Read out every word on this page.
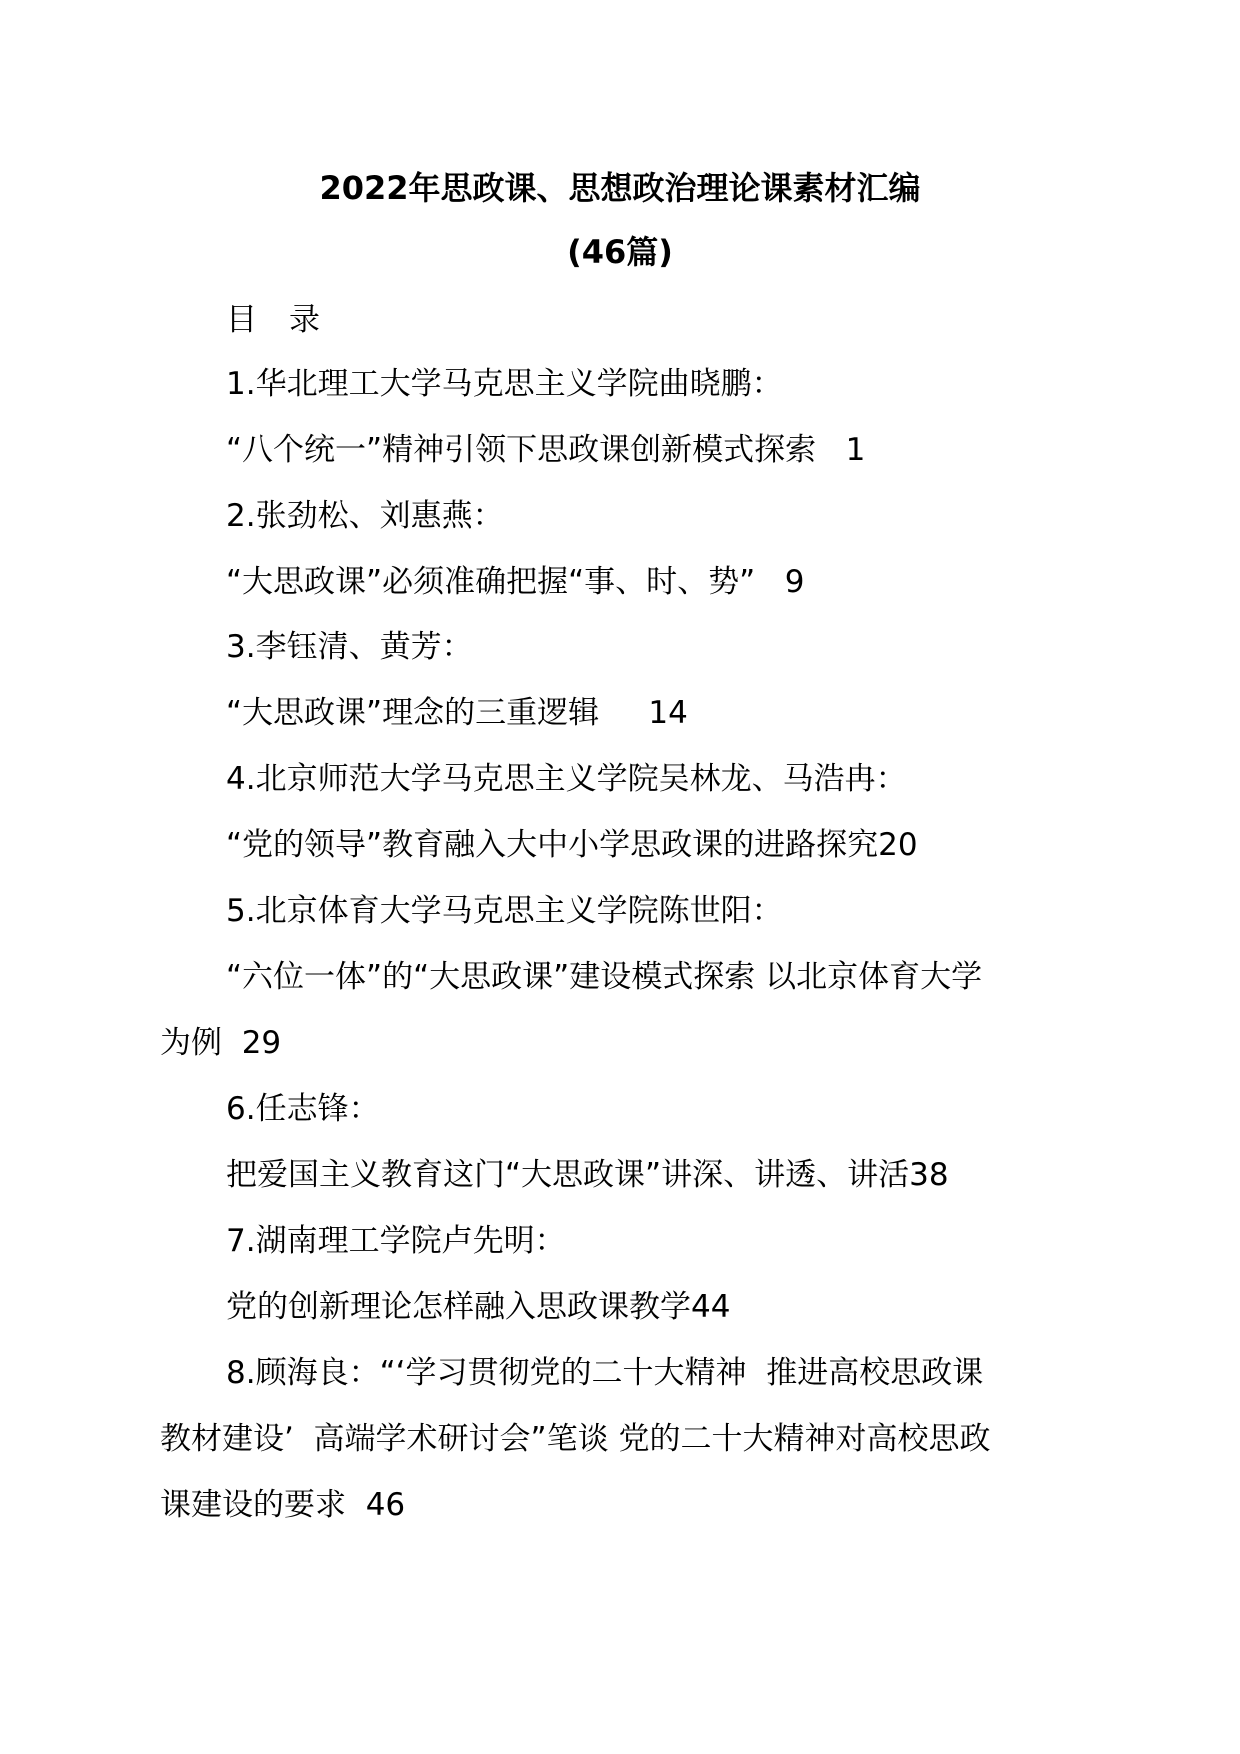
2022年思政课、思想政治理论课素材汇编
(46篇)
目 录
1.华北理工大学马克思主义学院曲晓鹏：
“八个统一”精神引领下思政课创新模式探索   1
2.张劲松、刘惠燕：
“大思政课”必须准确把握“事、时、势”   9
3.李钰清、黄芳：
“大思政课”理念的三重逻辑     14
4.北京师范大学马克思主义学院吴林龙、马浩冉：
“党的领导”教育融入大中小学思政课的进路探究20
5.北京体育大学马克思主义学院陈世阳：
“六位一体”的“大思政课”建设模式探索 以北京体育大学
为例  29
6.任志锋：
把爱国主义教育这门“大思政课”讲深、讲透、讲活38
7.湖南理工学院卢先明：
党的创新理论怎样融入思政课教学44
8.顾海良：“‘学习贯彻党的二十大精神  推进高校思政课
教材建设’  高端学术研讨会”笔谈 党的二十大精神对高校思政
课建设的要求  46
